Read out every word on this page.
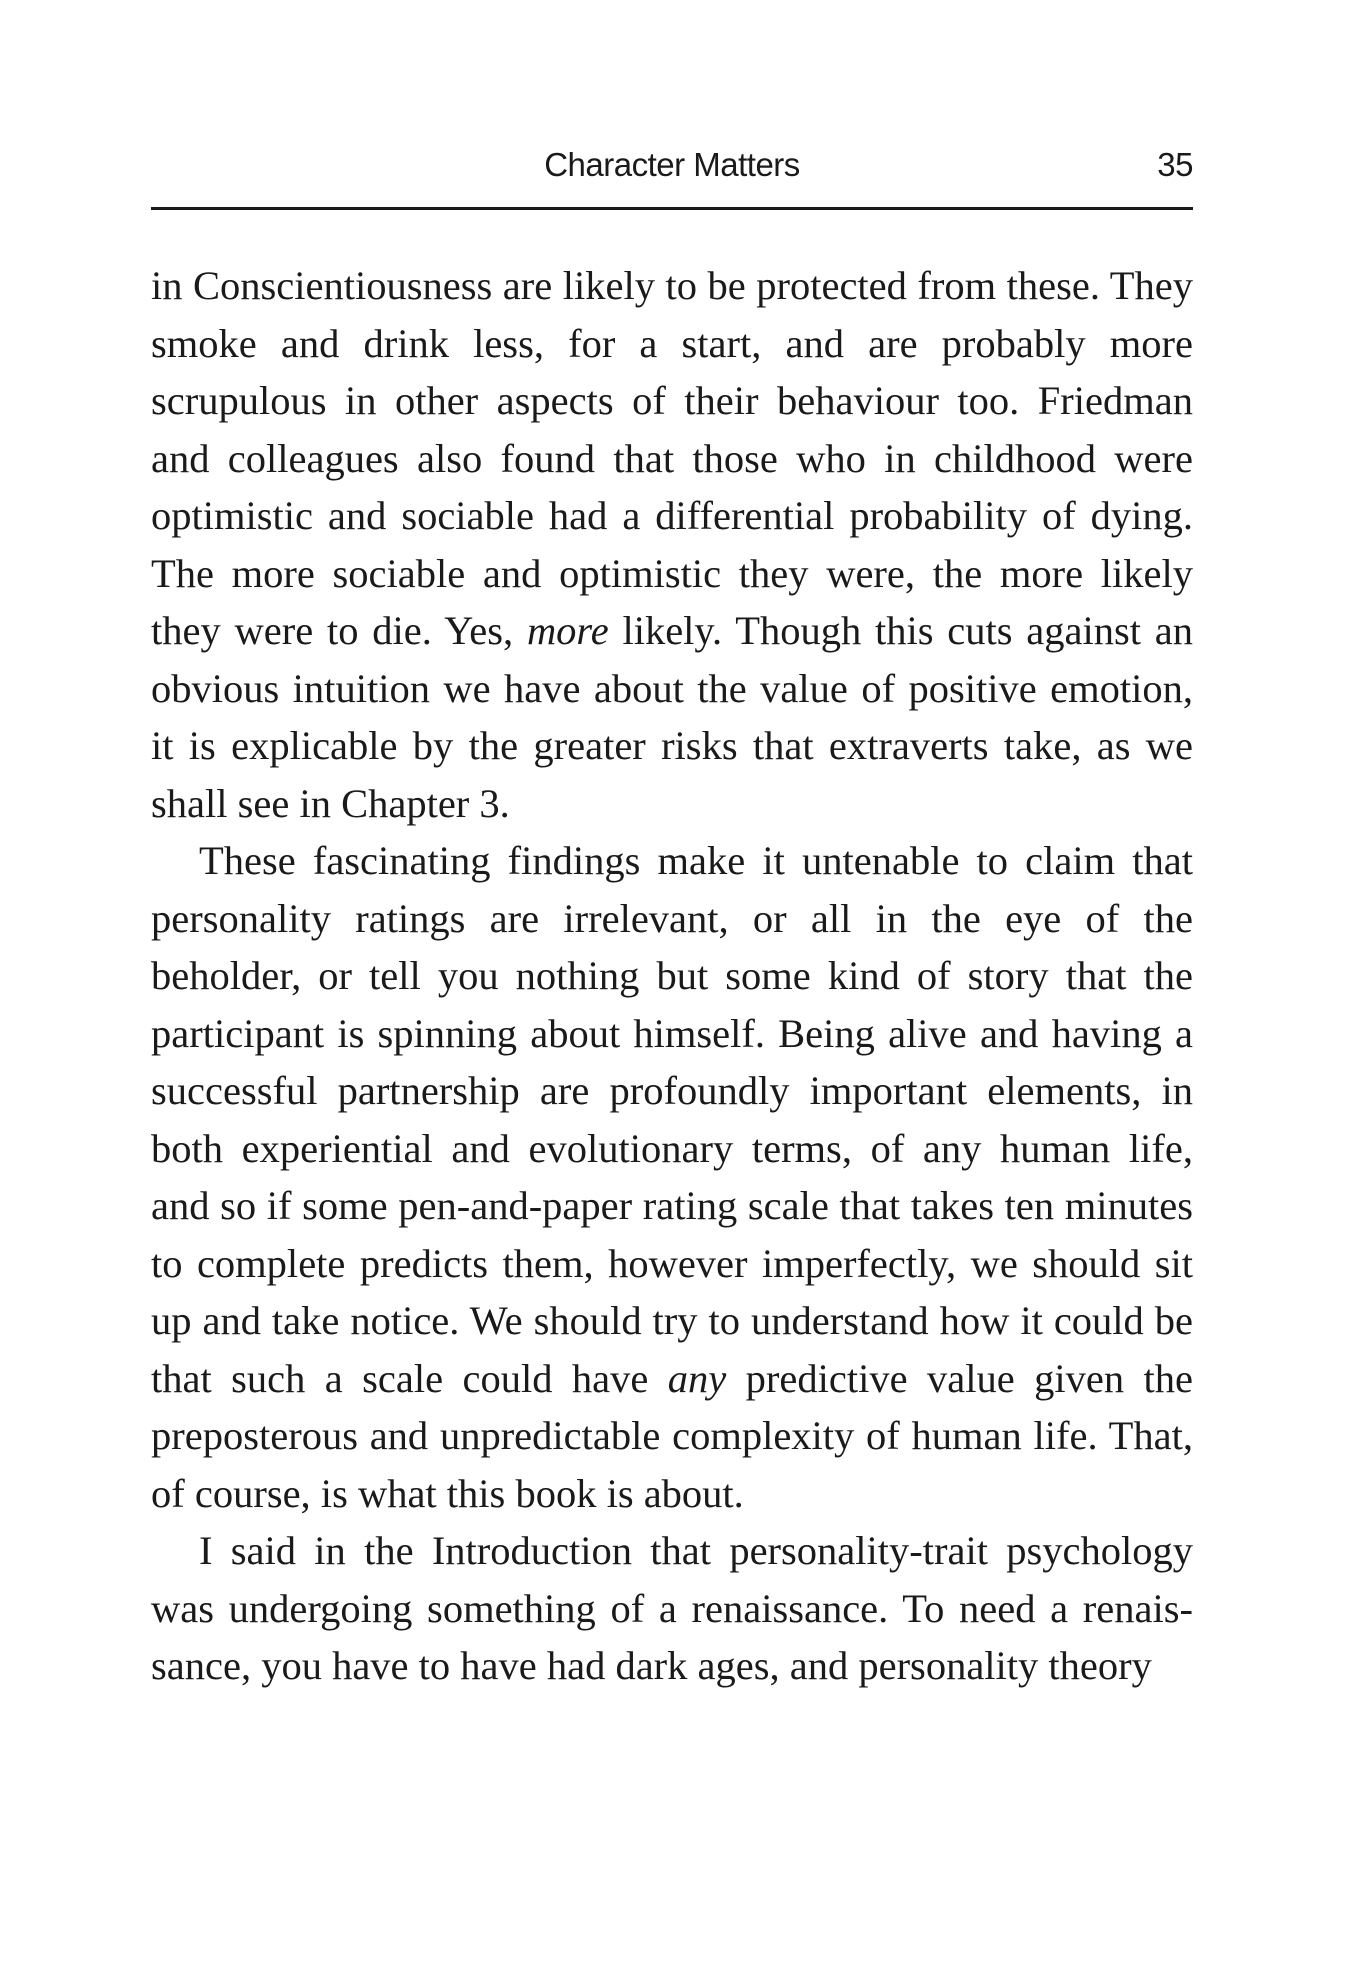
Character Matters	35

in Conscientiousness are likely to be protected from these. They smoke and drink less, for a start, and are probably more scrupulous in other aspects of their behaviour too. Friedman and colleagues also found that those who in childhood were optimistic and sociable had a differential probability of dying. The more sociable and optimistic they were, the more likely they were to die. Yes, more likely. Though this cuts against an obvious intuition we have about the value of positive emotion, it is explicable by the greater risks that extraverts take, as we shall see in Chapter 3.

These fascinating findings make it untenable to claim that personality ratings are irrelevant, or all in the eye of the beholder, or tell you nothing but some kind of story that the participant is spinning about himself. Being alive and having a successful partnership are profoundly important elements, in both experiential and evolutionary terms, of any human life, and so if some pen-and-paper rating scale that takes ten minutes to complete predicts them, however imperfectly, we should sit up and take notice. We should try to understand how it could be that such a scale could have any predictive value given the preposterous and unpredictable complexity of human life. That, of course, is what this book is about.

I said in the Introduction that personality-trait psychology was undergoing something of a renaissance. To need a renais-sance, you have to have had dark ages, and personality theory
